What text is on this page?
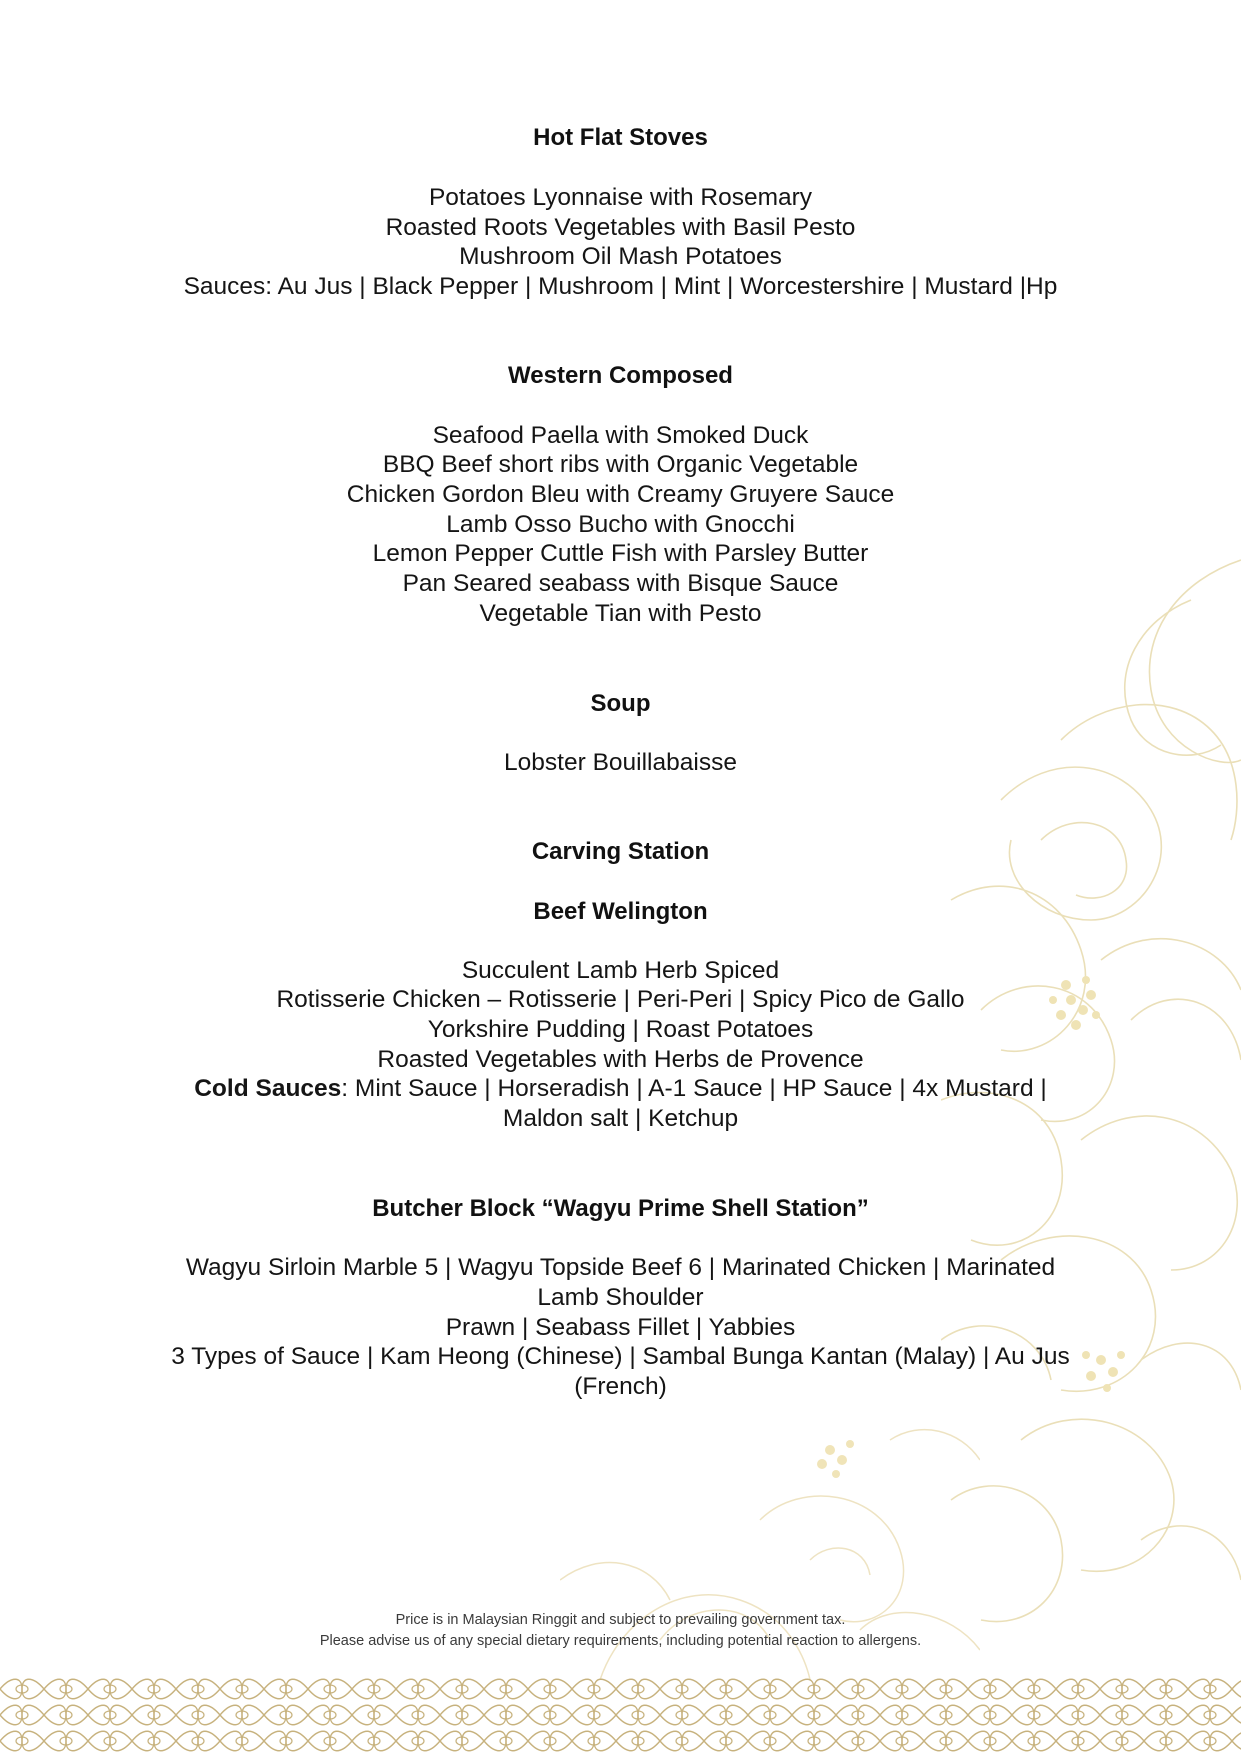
Hot Flat Stoves
Potatoes Lyonnaise with Rosemary
Roasted Roots Vegetables with Basil Pesto
Mushroom Oil Mash Potatoes
Sauces: Au Jus | Black Pepper | Mushroom | Mint | Worcestershire | Mustard |Hp
Western Composed
Seafood Paella with Smoked Duck
BBQ Beef short ribs with Organic Vegetable
Chicken Gordon Bleu with Creamy Gruyere Sauce
Lamb Osso Bucho with Gnocchi
Lemon Pepper Cuttle Fish with Parsley Butter
Pan Seared seabass with Bisque Sauce
Vegetable Tian with Pesto
Soup
Lobster Bouillabaisse
Carving Station
Beef Welington
Succulent Lamb Herb Spiced
Rotisserie Chicken – Rotisserie | Peri-Peri | Spicy Pico de Gallo
Yorkshire Pudding | Roast Potatoes
Roasted Vegetables with Herbs de Provence
Cold Sauces: Mint Sauce | Horseradish | A-1 Sauce | HP Sauce | 4x Mustard |
Maldon salt | Ketchup
Butcher Block “Wagyu Prime Shell Station”
Wagyu Sirloin Marble 5 | Wagyu Topside Beef 6 | Marinated Chicken | Marinated
Lamb Shoulder
Prawn | Seabass Fillet | Yabbies
3 Types of Sauce | Kam Heong (Chinese) | Sambal Bunga Kantan (Malay) | Au Jus
(French)
Price is in Malaysian Ringgit and subject to prevailing government tax.
Please advise us of any special dietary requirements, including potential reaction to allergens.
